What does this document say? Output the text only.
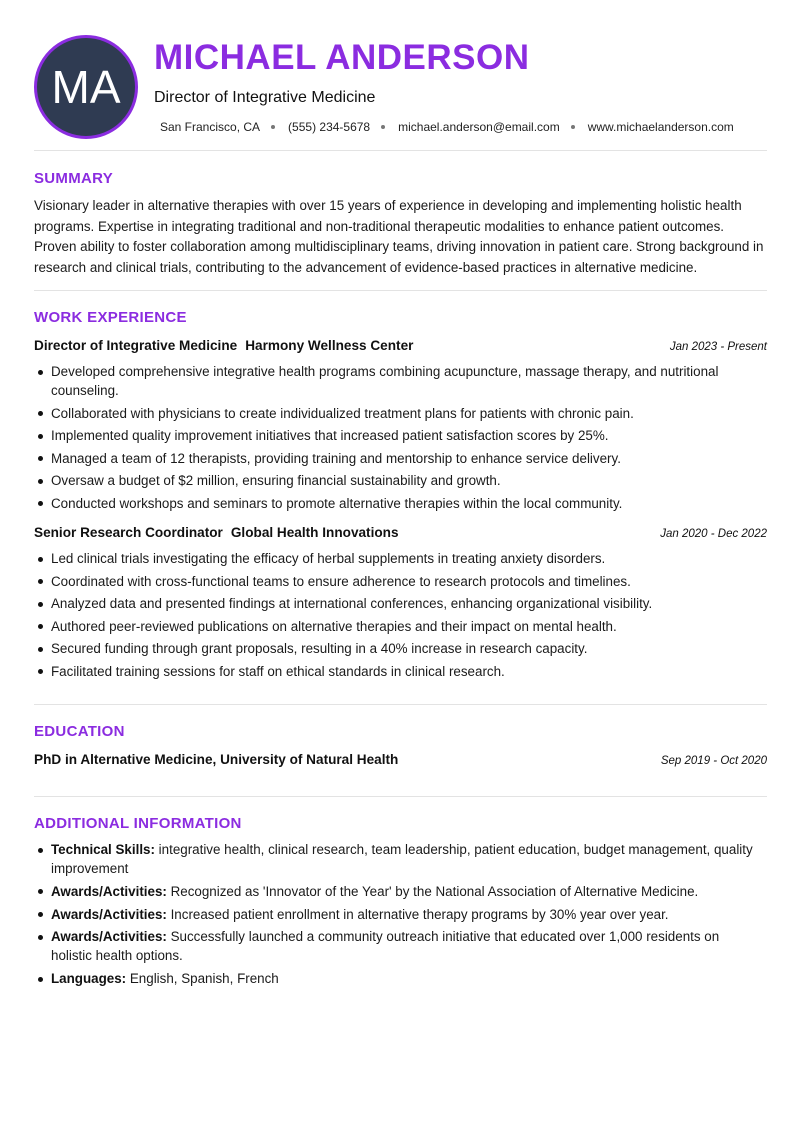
MA
MICHAEL ANDERSON
Director of Integrative Medicine
San Francisco, CA (555) 234-5678 michael.anderson@email.com www.michaelanderson.com
SUMMARY
Visionary leader in alternative therapies with over 15 years of experience in developing and implementing holistic health programs. Expertise in integrating traditional and non-traditional therapeutic modalities to enhance patient outcomes. Proven ability to foster collaboration among multidisciplinary teams, driving innovation in patient care. Strong background in research and clinical trials, contributing to the advancement of evidence-based practices in alternative medicine.
WORK EXPERIENCE
Director of Integrative Medicine Harmony Wellness Center	Jan 2023 - Present
Developed comprehensive integrative health programs combining acupuncture, massage therapy, and nutritional counseling.
Collaborated with physicians to create individualized treatment plans for patients with chronic pain.
Implemented quality improvement initiatives that increased patient satisfaction scores by 25%.
Managed a team of 12 therapists, providing training and mentorship to enhance service delivery.
Oversaw a budget of $2 million, ensuring financial sustainability and growth.
Conducted workshops and seminars to promote alternative therapies within the local community.
Senior Research Coordinator Global Health Innovations	Jan 2020 - Dec 2022
Led clinical trials investigating the efficacy of herbal supplements in treating anxiety disorders.
Coordinated with cross-functional teams to ensure adherence to research protocols and timelines.
Analyzed data and presented findings at international conferences, enhancing organizational visibility.
Authored peer-reviewed publications on alternative therapies and their impact on mental health.
Secured funding through grant proposals, resulting in a 40% increase in research capacity.
Facilitated training sessions for staff on ethical standards in clinical research.
EDUCATION
PhD in Alternative Medicine, University of Natural Health	Sep 2019 - Oct 2020
ADDITIONAL INFORMATION
Technical Skills: integrative health, clinical research, team leadership, patient education, budget management, quality improvement
Awards/Activities: Recognized as 'Innovator of the Year' by the National Association of Alternative Medicine.
Awards/Activities: Increased patient enrollment in alternative therapy programs by 30% year over year.
Awards/Activities: Successfully launched a community outreach initiative that educated over 1,000 residents on holistic health options.
Languages: English, Spanish, French
